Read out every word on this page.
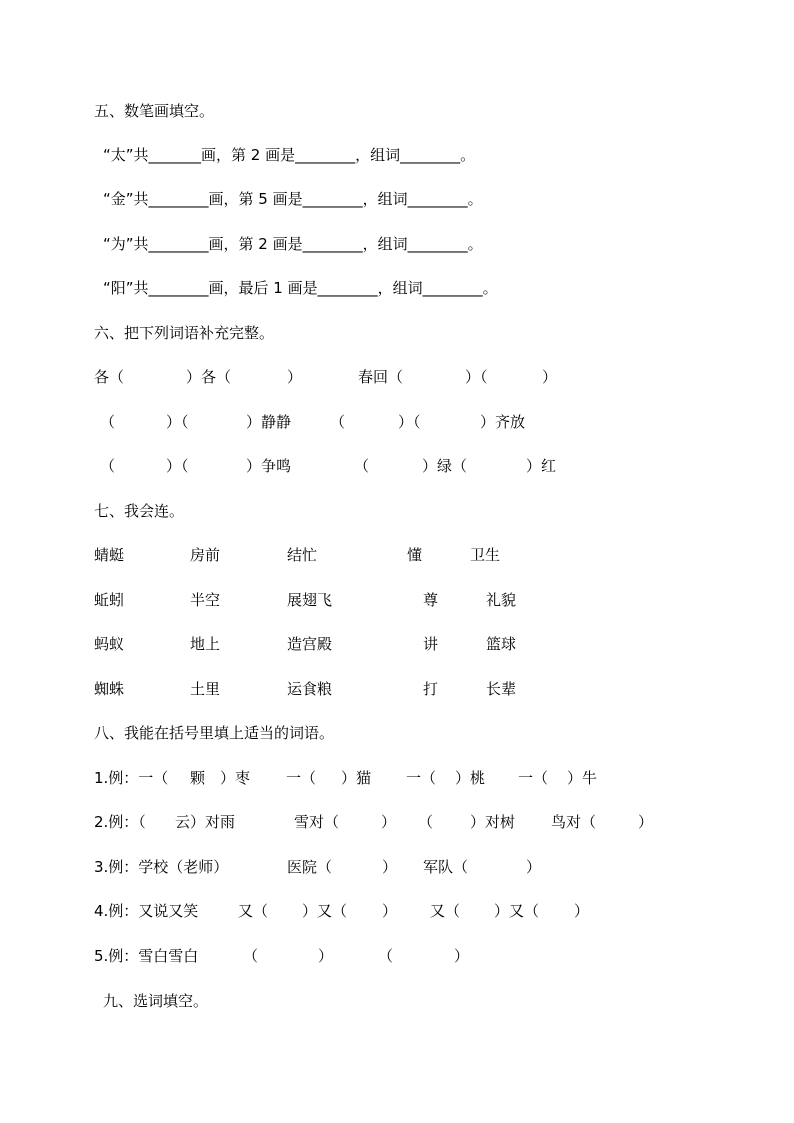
五、数笔画填空。
“太”共_______画，第 2 画是________，组词________。
“金”共________画，第 5 画是________，组词________。
“为”共________画，第 2 画是________，组词________。
“阳”共________画，最后 1 画是________，组词________。
六、把下列词语补充完整。
各（	）各（	）	春回（	）（	）
（	）（	）静静	（	）（	）齐放
（	）（	）争鸣	（	）绿（	）红
七、我会连。
蜻蜓	房前	结忙	懂	卫生
蚯蚓	半空	展翅飞	尊	礼貌
蚂蚁	地上	造宫殿	讲	篮球
蜘蛛	土里	运食粮	打	长辈
八、我能在括号里填上适当的词语。
1.例：一（ 颗 ）枣 一（ ）猫 一（ ）桃 一（ ）牛
2.例：（ 云）对雨	雪对（	） （ ）对树 鸟对（	）
3.例：学校（老师）	医院（	） 军队（	）
4.例：又说又笑	又（ ）又（ ） 又（ ）又（ ）
5.例：雪白雪白	（	）	（	）
九、选词填空。
